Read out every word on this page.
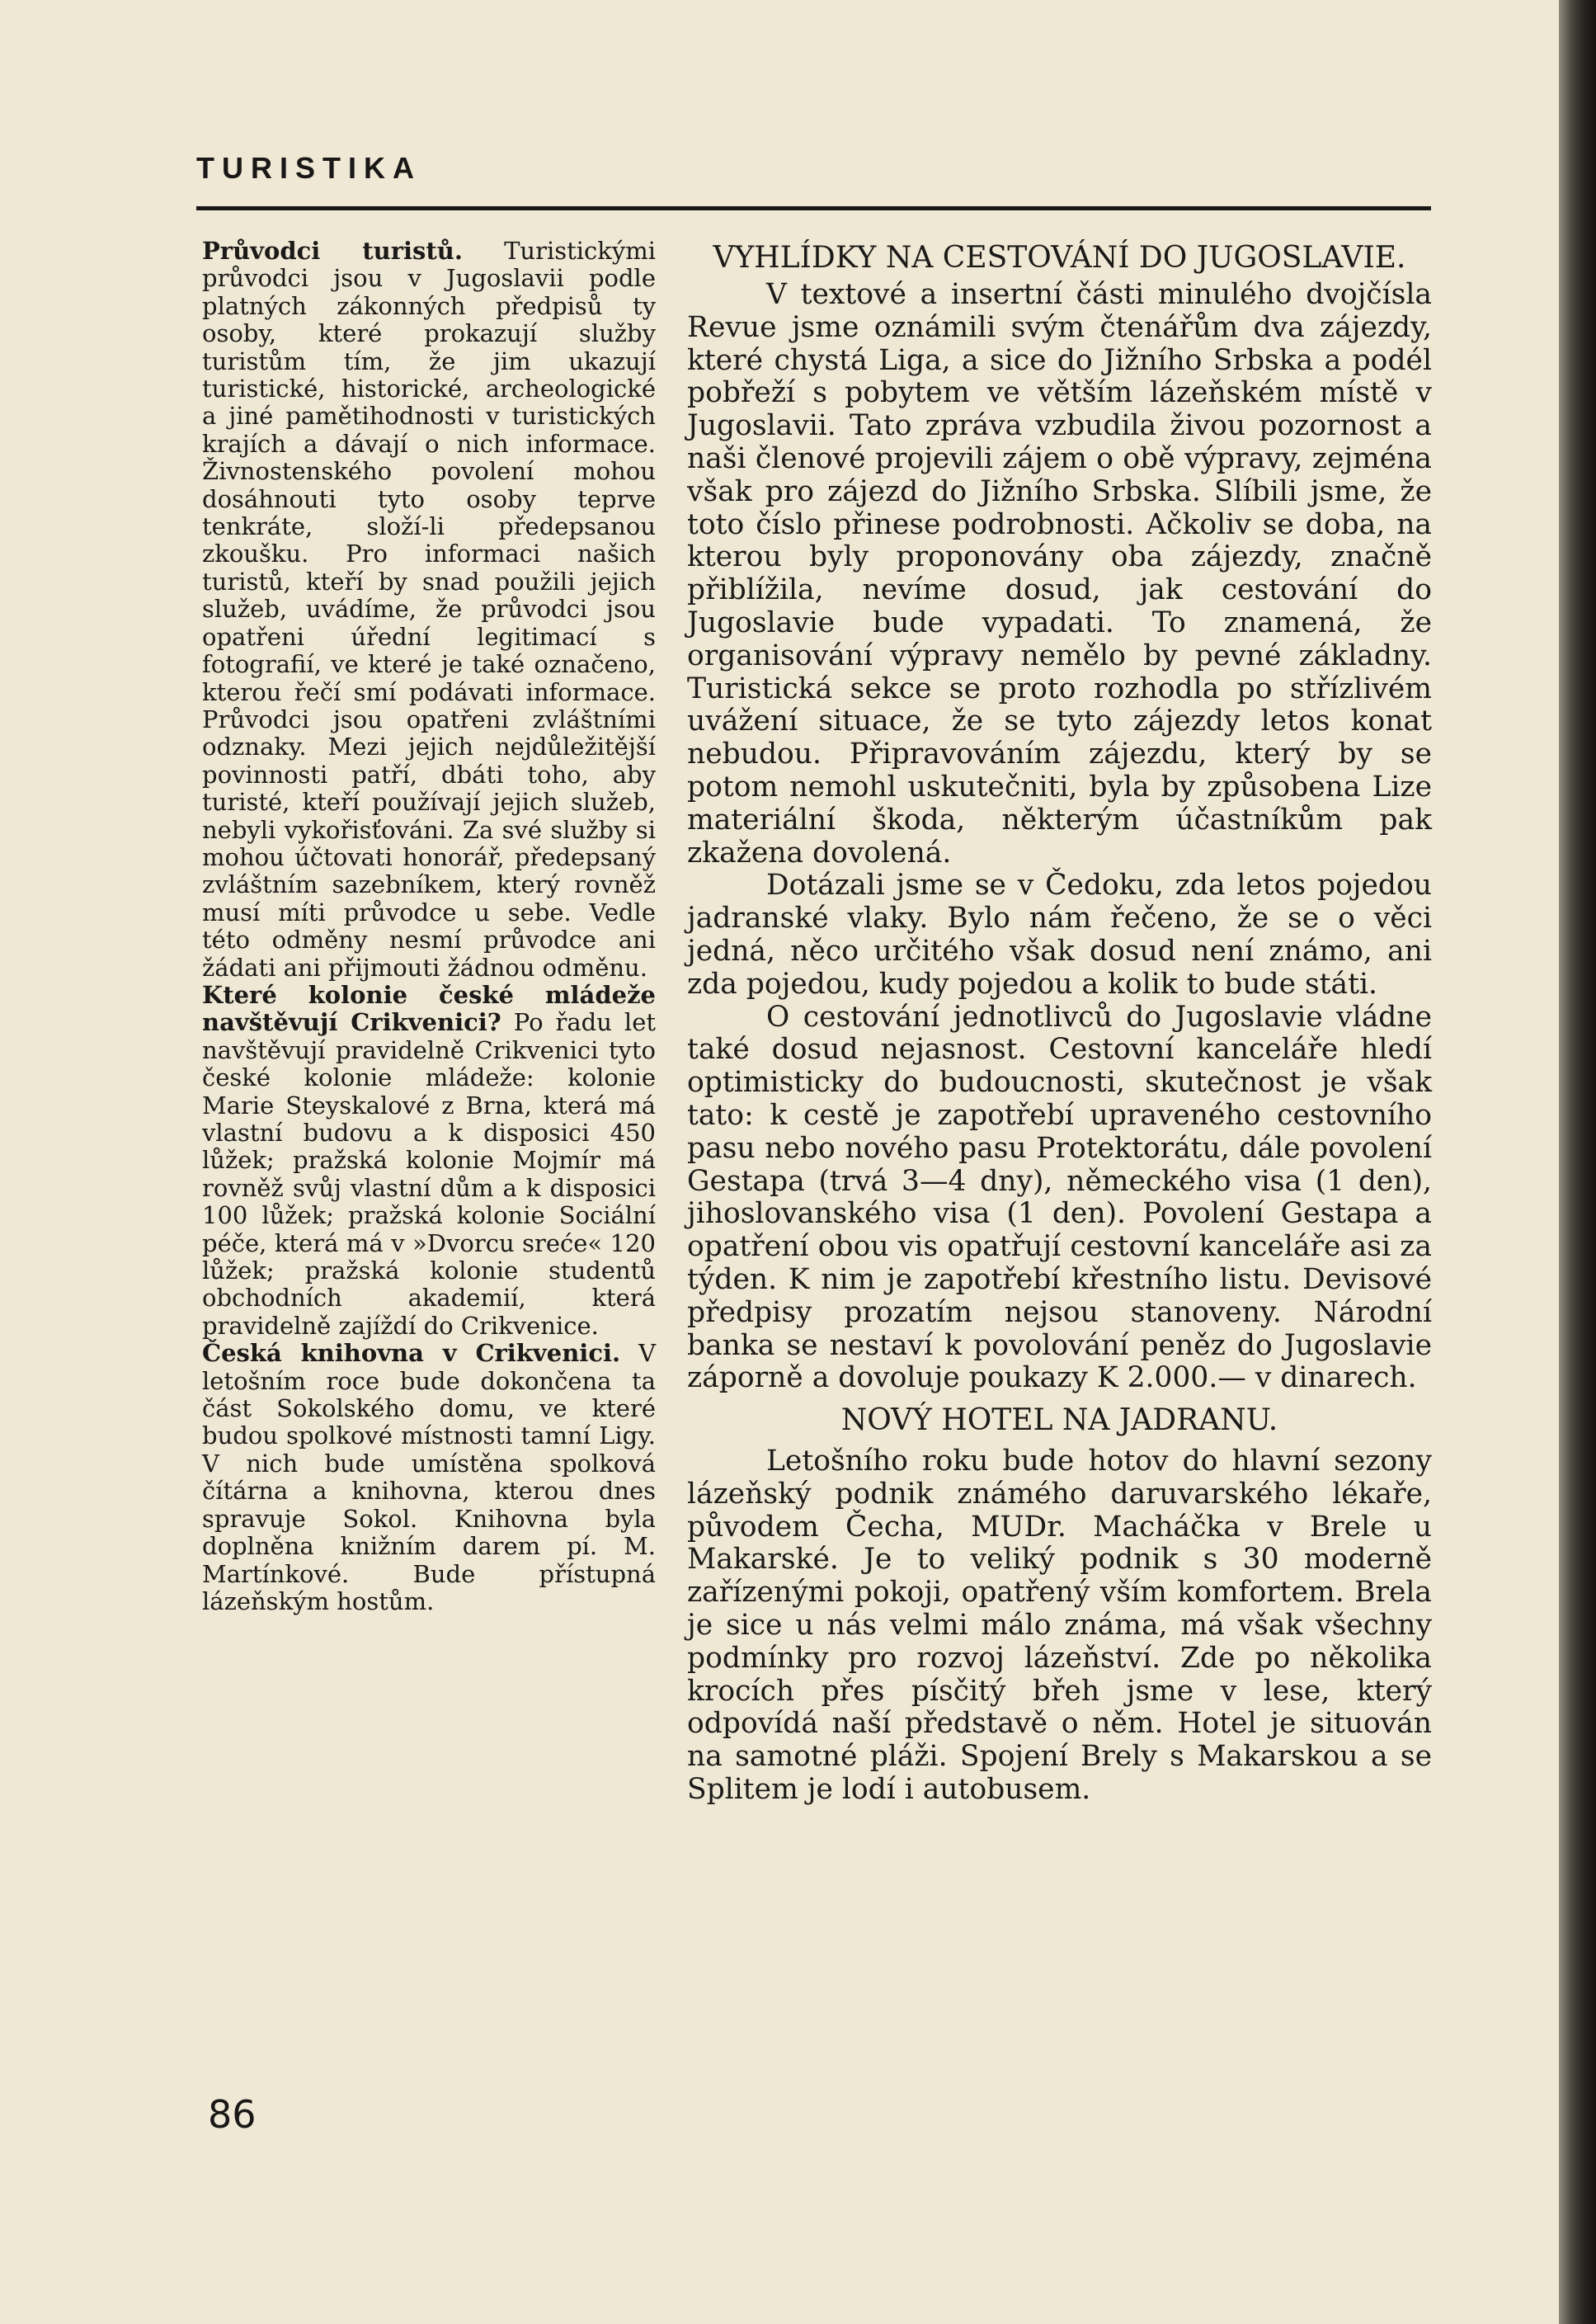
TURISTIKA

Průvodci turistů. Turistickými průvodci jsou v Jugoslavii podle platných zákonných předpisů ty osoby, které prokazují služby turistům tím, že jim ukazují turistické, historické, archeologické a jiné pamětihodnosti v turistických krajích a dávají o nich informace. Živnostenského povolení mohou dosáhnouti tyto osoby teprve tenkráte, složí-li předepsanou zkoušku. Pro informaci našich turistů, kteří by snad použili jejich služeb, uvádíme, že průvodci jsou opatřeni úřední legitimací s fotografií, ve které je také označeno, kterou řečí smí podávati informace. Průvodci jsou opatřeni zvláštními odznaky. Mezi jejich nejdůležitější povinnosti patří, dbáti toho, aby turisté, kteří používají jejich služeb, nebyli vykořisťováni. Za své služby si mohou účtovati honorář, předepsaný zvláštním sazebníkem, který rovněž musí míti průvodce u sebe. Vedle této odměny nesmí průvodce ani žádati ani přijmouti žádnou odměnu.

Které kolonie české mládeže navštěvují Crikvenici? Po řadu let navštěvují pravidelně Crikvenici tyto české kolonie mládeže: kolonie Marie Steyskalové z Brna, která má vlastní budovu a k disposici 450 lůžek; pražská kolonie Mojmír má rovněž svůj vlastní dům a k disposici 100 lůžek; pražská kolonie Sociální péče, která má v »Dvorcu sreće« 120 lůžek; pražská kolonie studentů obchodních akademií, která pravidelně zajíždí do Crikvenice.

Česká knihovna v Crikvenici. V letošním roce bude dokončena ta část Sokolského domu, ve které budou spolkové místnosti tamní Ligy. V nich bude umístěna spolková čítárna a knihovna, kterou dnes spravuje Sokol. Knihovna byla doplněna knižním darem pí. M. Martínkové. Bude přístupná lázeňským hostům.

VYHLÍDKY NA CESTOVÁNÍ DO JUGOSLAVIE.

V textové a insertní části minulého dvojčísla Revue jsme oznámili svým čtenářům dva zájezdy, které chystá Liga, a sice do Jižního Srbska a podél pobřeží s pobytem ve větším lázeňském místě v Jugoslavii. Tato zpráva vzbudila živou pozornost a naši členové projevili zájem o obě výpravy, zejména však pro zájezd do Jižního Srbska. Slíbili jsme, že toto číslo přinese podrobnosti. Ačkoliv se doba, na kterou byly proponovány oba zájezdy, značně přiblížila, nevíme dosud, jak cestování do Jugoslavie bude vypadati. To znamená, že organisování výpravy nemělo by pevné základny. Turistická sekce se proto rozhodla po střízlivém uvážení situace, že se tyto zájezdy letos konat nebudou. Připravováním zájezdu, který by se potom nemohl uskutečniti, byla by způsobena Lize materiální škoda, některým účastníkům pak zkažena dovolená.

Dotázali jsme se v Čedoku, zda letos pojedou jadranské vlaky. Bylo nám řečeno, že se o věci jedná, něco určitého však dosud není známo, ani zda pojedou, kudy pojedou a kolik to bude státi.

O cestování jednotlivců do Jugoslavie vládne také dosud nejasnost. Cestovní kanceláře hledí optimisticky do budoucnosti, skutečnost je však tato: k cestě je zapotřebí upraveného cestovního pasu nebo nového pasu Protektorátu, dále povolení Gestapa (trvá 3—4 dny), německého visa (1 den), jihoslovanského visa (1 den). Povolení Gestapa a opatření obou vis opatřují cestovní kanceláře asi za týden. K nim je zapotřebí křestního listu. Devisové předpisy prozatím nejsou stanoveny. Národní banka se nestaví k povolování peněz do Jugoslavie záporně a dovoluje poukazy K 2.000.— v dinarech.

NOVÝ HOTEL NA JADRANU.

Letošního roku bude hotov do hlavní sezony lázeňský podnik známého daruvarského lékaře, původem Čecha, MUDr. Macháčka v Brele u Makarské. Je to veliký podnik s 30 moderně zařízenými pokoji, opatřený vším komfortem. Brela je sice u nás velmi málo známa, má však všechny podmínky pro rozvoj lázeňství. Zde po několika krocích přes písčitý břeh jsme v lese, který odpovídá naší představě o něm. Hotel je situován na samotné pláži. Spojení Brely s Makarskou a se Splitem je lodí i autobusem.

86
